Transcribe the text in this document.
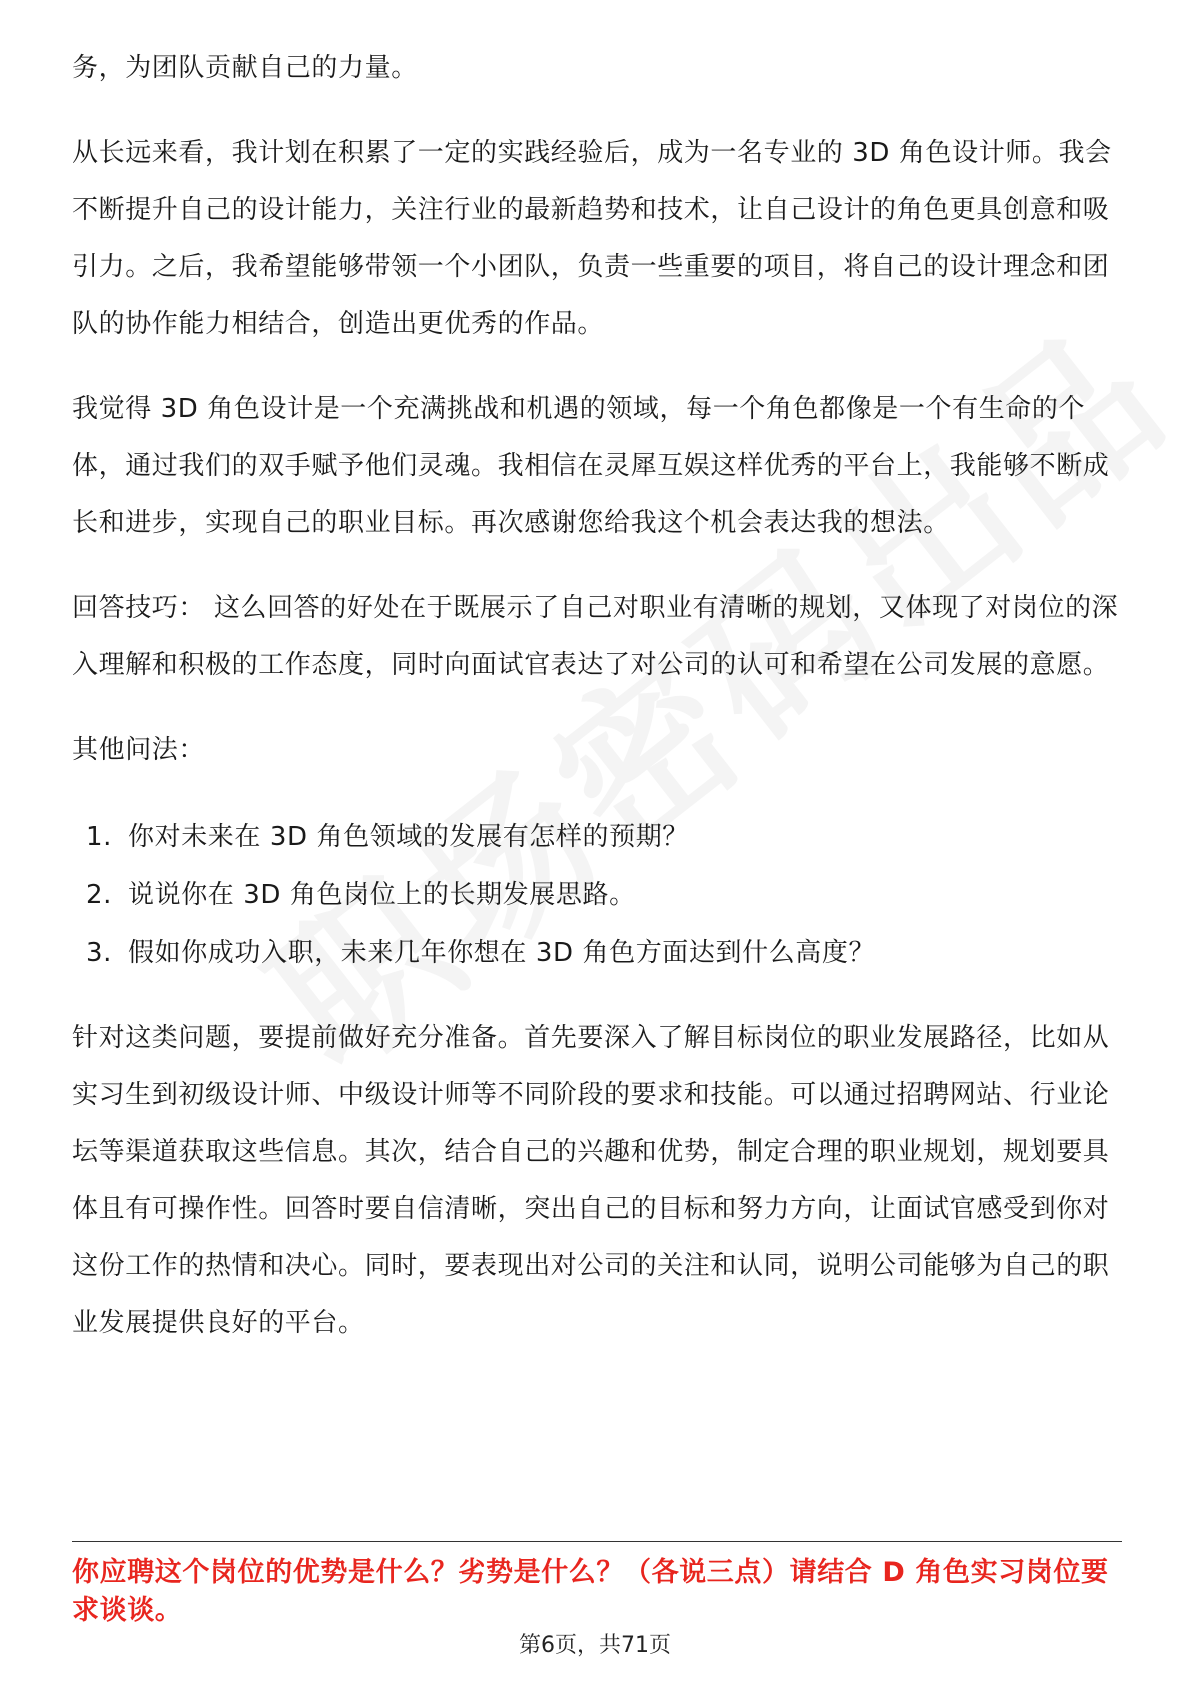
务，为团队贡献自己的力量。

从长远来看，我计划在积累了一定的实践经验后，成为一名专业的 3D 角色设计师。我会不断提升自己的设计能力，关注行业的最新趋势和技术，让自己设计的角色更具创意和吸引力。之后，我希望能够带领一个小团队，负责一些重要的项目，将自己的设计理念和团队的协作能力相结合，创造出更优秀的作品。

我觉得 3D 角色设计是一个充满挑战和机遇的领域，每一个角色都像是一个有生命的个体，通过我们的双手赋予他们灵魂。我相信在灵犀互娱这样优秀的平台上，我能够不断成长和进步，实现自己的职业目标。再次感谢您给我这个机会表达我的想法。

回答技巧： 这么回答的好处在于既展示了自己对职业有清晰的规划，又体现了对岗位的深入理解和积极的工作态度，同时向面试官表达了对公司的认可和希望在公司发展的意愿。

其他问法：

1. 你对未来在 3D 角色领域的发展有怎样的预期？
2. 说说你在 3D 角色岗位上的长期发展思路。
3. 假如你成功入职，未来几年你想在 3D 角色方面达到什么高度？

针对这类问题，要提前做好充分准备。首先要深入了解目标岗位的职业发展路径，比如从实习生到初级设计师、中级设计师等不同阶段的要求和技能。可以通过招聘网站、行业论坛等渠道获取这些信息。其次，结合自己的兴趣和优势，制定合理的职业规划，规划要具体且有可操作性。回答时要自信清晰，突出自己的目标和努力方向，让面试官感受到你对这份工作的热情和决心。同时，要表现出对公司的关注和认同，说明公司能够为自己的职业发展提供良好的平台。

你应聘这个岗位的优势是什么？劣势是什么？（各说三点）请结合 D 角色实习岗位要求谈谈。

第6页，共71页
